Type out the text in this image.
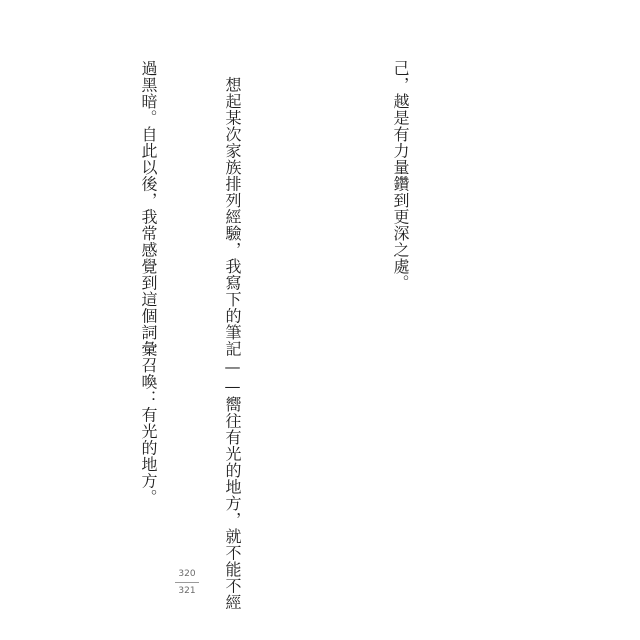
己，越是有力量鑽到更深之處。

　想起某次家族排列經驗，我寫下的筆記——嚮往有光的地方，就不能不經

過黑暗。自此以後，我常感覺到這個詞彙召喚：有光的地方。

320
321
